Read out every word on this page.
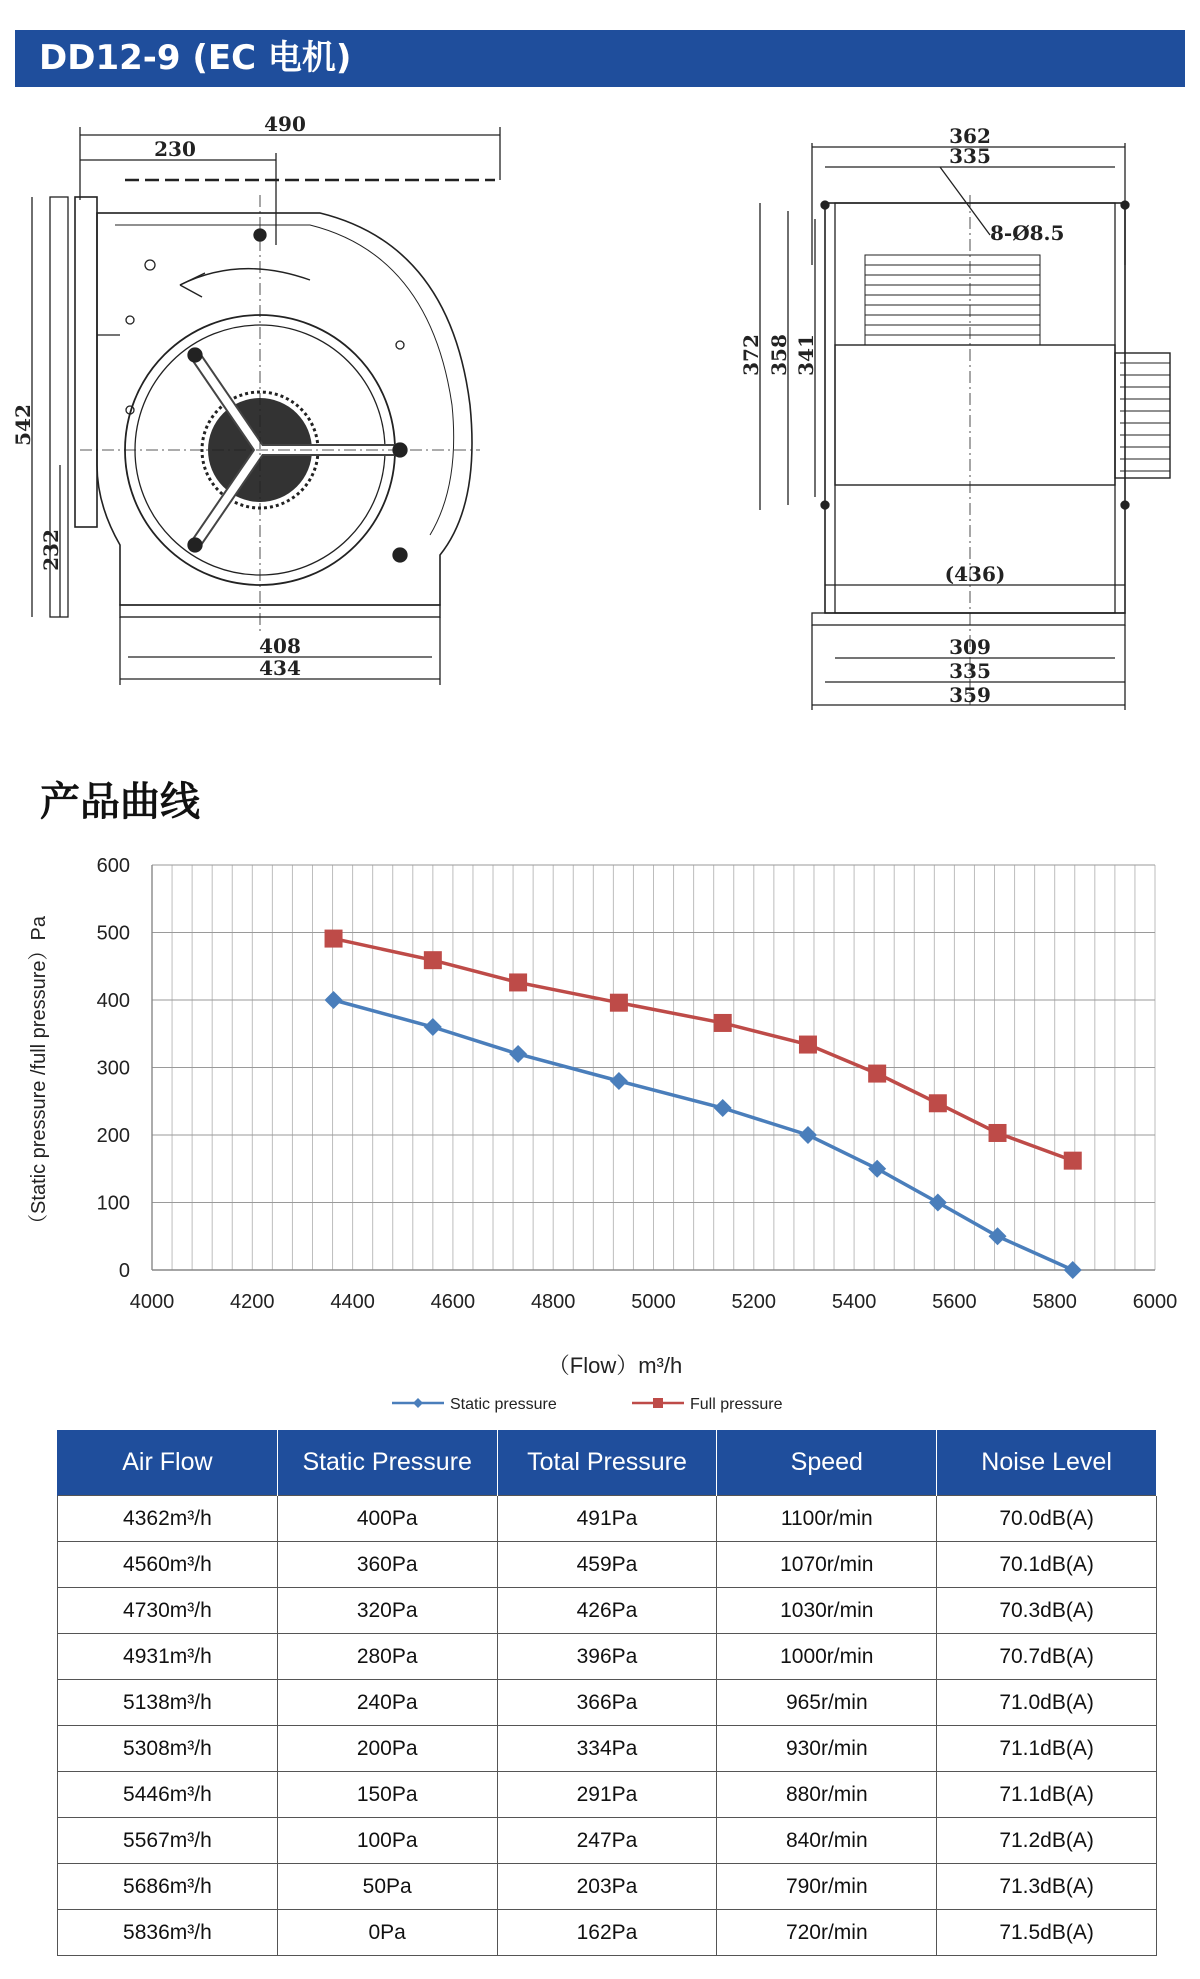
DD12-9 (EC 电机)
490
230
542
232
408
434
362
335
8-Ø8.5
372 358 341
(436)
309
335
359
产品曲线
4000	4200	4400	4600	4800	5000	5200	5400	5600	5800	6000
0
100
200
300
400
500
600
（Flow）m³/h
（Static pressure /full pressure）Pa
Static pressure	Full pressure
Air Flow	Static Pressure	Total Pressure	Speed	Noise Level
4362m³/h	400Pa	491Pa	1100r/min	70.0dB(A)
4560m³/h	360Pa	459Pa	1070r/min	70.1dB(A)
4730m³/h	320Pa	426Pa	1030r/min	70.3dB(A)
4931m³/h	280Pa	396Pa	1000r/min	70.7dB(A)
5138m³/h	240Pa	366Pa	965r/min	71.0dB(A)
5308m³/h	200Pa	334Pa	930r/min	71.1dB(A)
5446m³/h	150Pa	291Pa	880r/min	71.1dB(A)
5567m³/h	100Pa	247Pa	840r/min	71.2dB(A)
5686m³/h	50Pa	203Pa	790r/min	71.3dB(A)
5836m³/h	0Pa	162Pa	720r/min	71.5dB(A)
